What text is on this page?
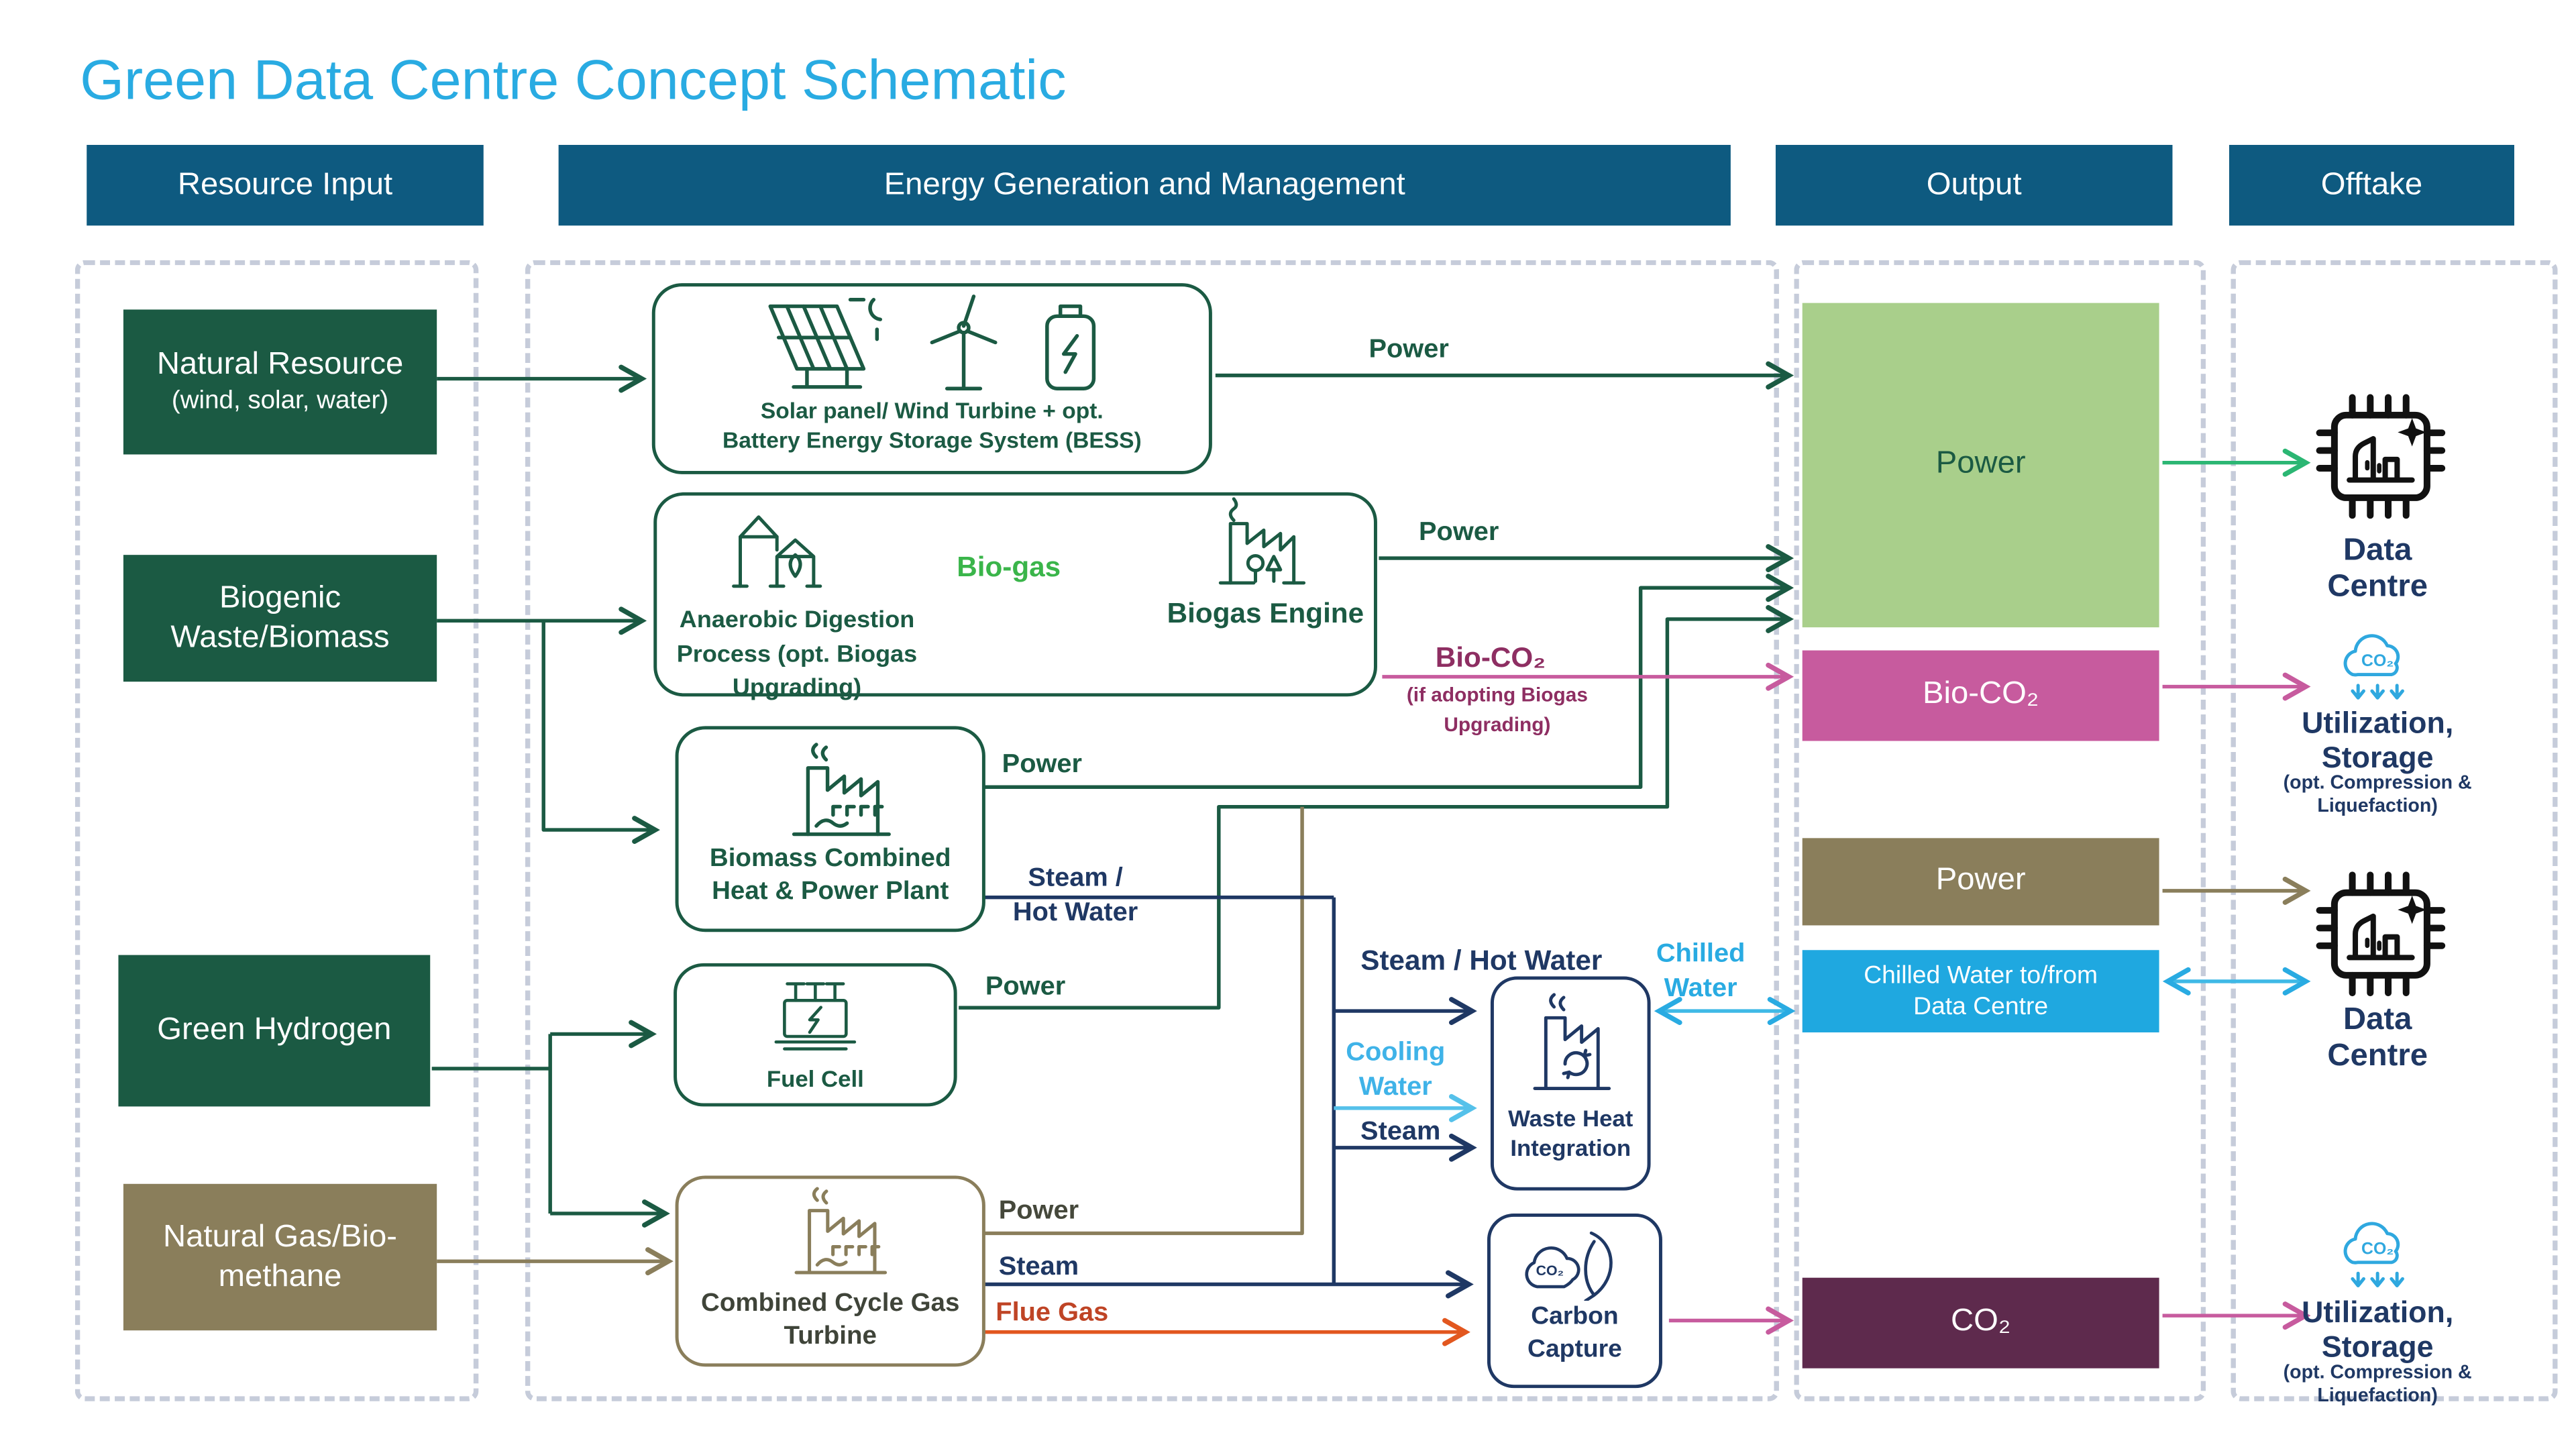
Green Data Centre Concept Schematic
Resource Input	Energy Generation and Management	Output	Offtake
Natural Resource
(wind, solar, water)
Biogenic
Waste/Biomass
Green Hydrogen
Natural Gas/Bio-
methane
Solar panel/ Wind Turbine + opt.
Battery Energy Storage System (BESS)
Anaerobic Digestion
Process (opt. Biogas
Upgrading)
Biogas Engine
Biomass Combined
Heat & Power Plant
Fuel Cell
Combined Cycle Gas
Turbine
Waste Heat
Integration
CO₂
Carbon
Capture
Power
Bio-CO₂
Power
Chilled Water to/from
Data Centre
CO₂
Data
Centre
CO₂
Utilization,
Storage
(opt. Compression &
Liquefaction)
Data
Centre
CO₂
Utilization,
Storage
(opt. Compression &
Liquefaction)
Power
Power
Power
Power
Power
Bio-gas
Bio-CO₂
(if adopting Biogas
Upgrading)
Steam /
Hot Water
Steam / Hot Water	Chilled
Water
Cooling
Water
Steam
Steam
Flue Gas
